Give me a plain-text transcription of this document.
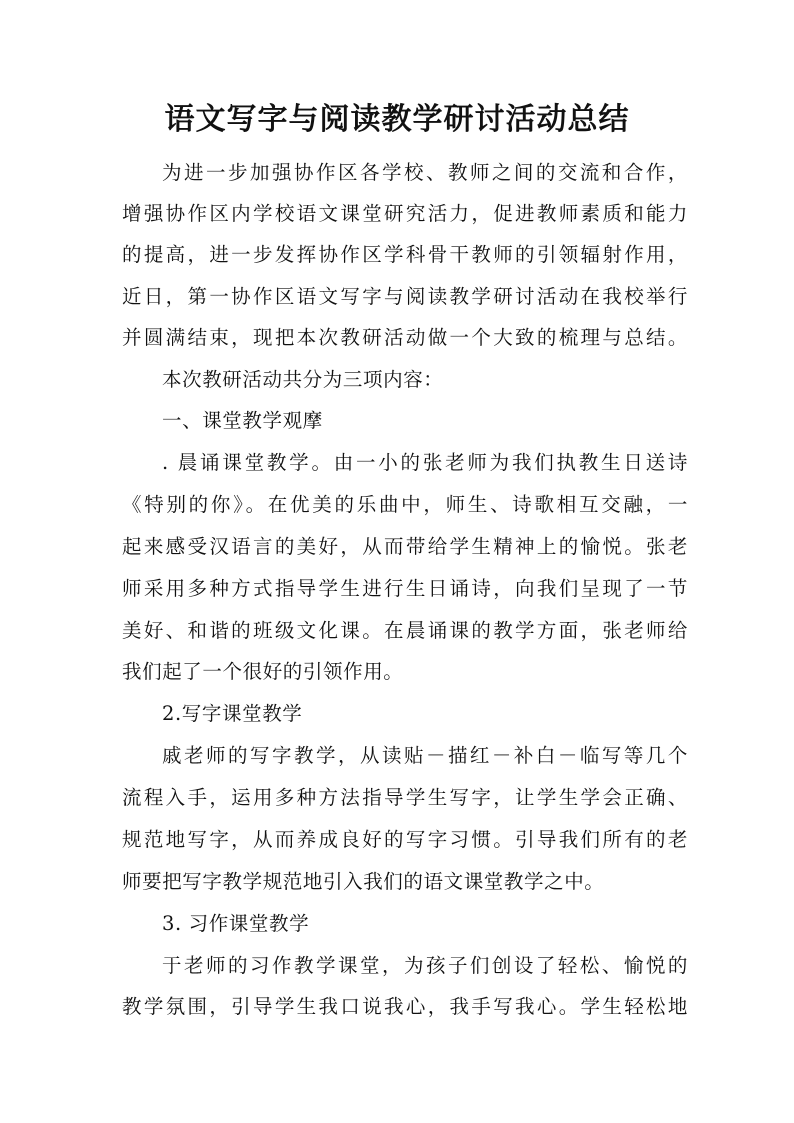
语文写字与阅读教学研讨活动总结
为进一步加强协作区各学校、教师之间的交流和合作，
增强协作区内学校语文课堂研究活力，促进教师素质和能力
的提高，进一步发挥协作区学科骨干教师的引领辐射作用，
近日，第一协作区语文写字与阅读教学研讨活动在我校举行
并圆满结束，现把本次教研活动做一个大致的梳理与总结。
本次教研活动共分为三项内容：
一、课堂教学观摩
. 晨诵课堂教学。由一小的张老师为我们执教生日送诗
《特别的你》。在优美的乐曲中，师生、诗歌相互交融，一
起来感受汉语言的美好，从而带给学生精神上的愉悦。张老
师采用多种方式指导学生进行生日诵诗，向我们呈现了一节
美好、和谐的班级文化课。在晨诵课的教学方面，张老师给
我们起了一个很好的引领作用。
2.写字课堂教学
戚老师的写字教学，从读贴－描红－补白－临写等几个
流程入手，运用多种方法指导学生写字，让学生学会正确、
规范地写字，从而养成良好的写字习惯。引导我们所有的老
师要把写字教学规范地引入我们的语文课堂教学之中。
3. 习作课堂教学
于老师的习作教学课堂，为孩子们创设了轻松、愉悦的
教学氛围，引导学生我口说我心，我手写我心。学生轻松地
